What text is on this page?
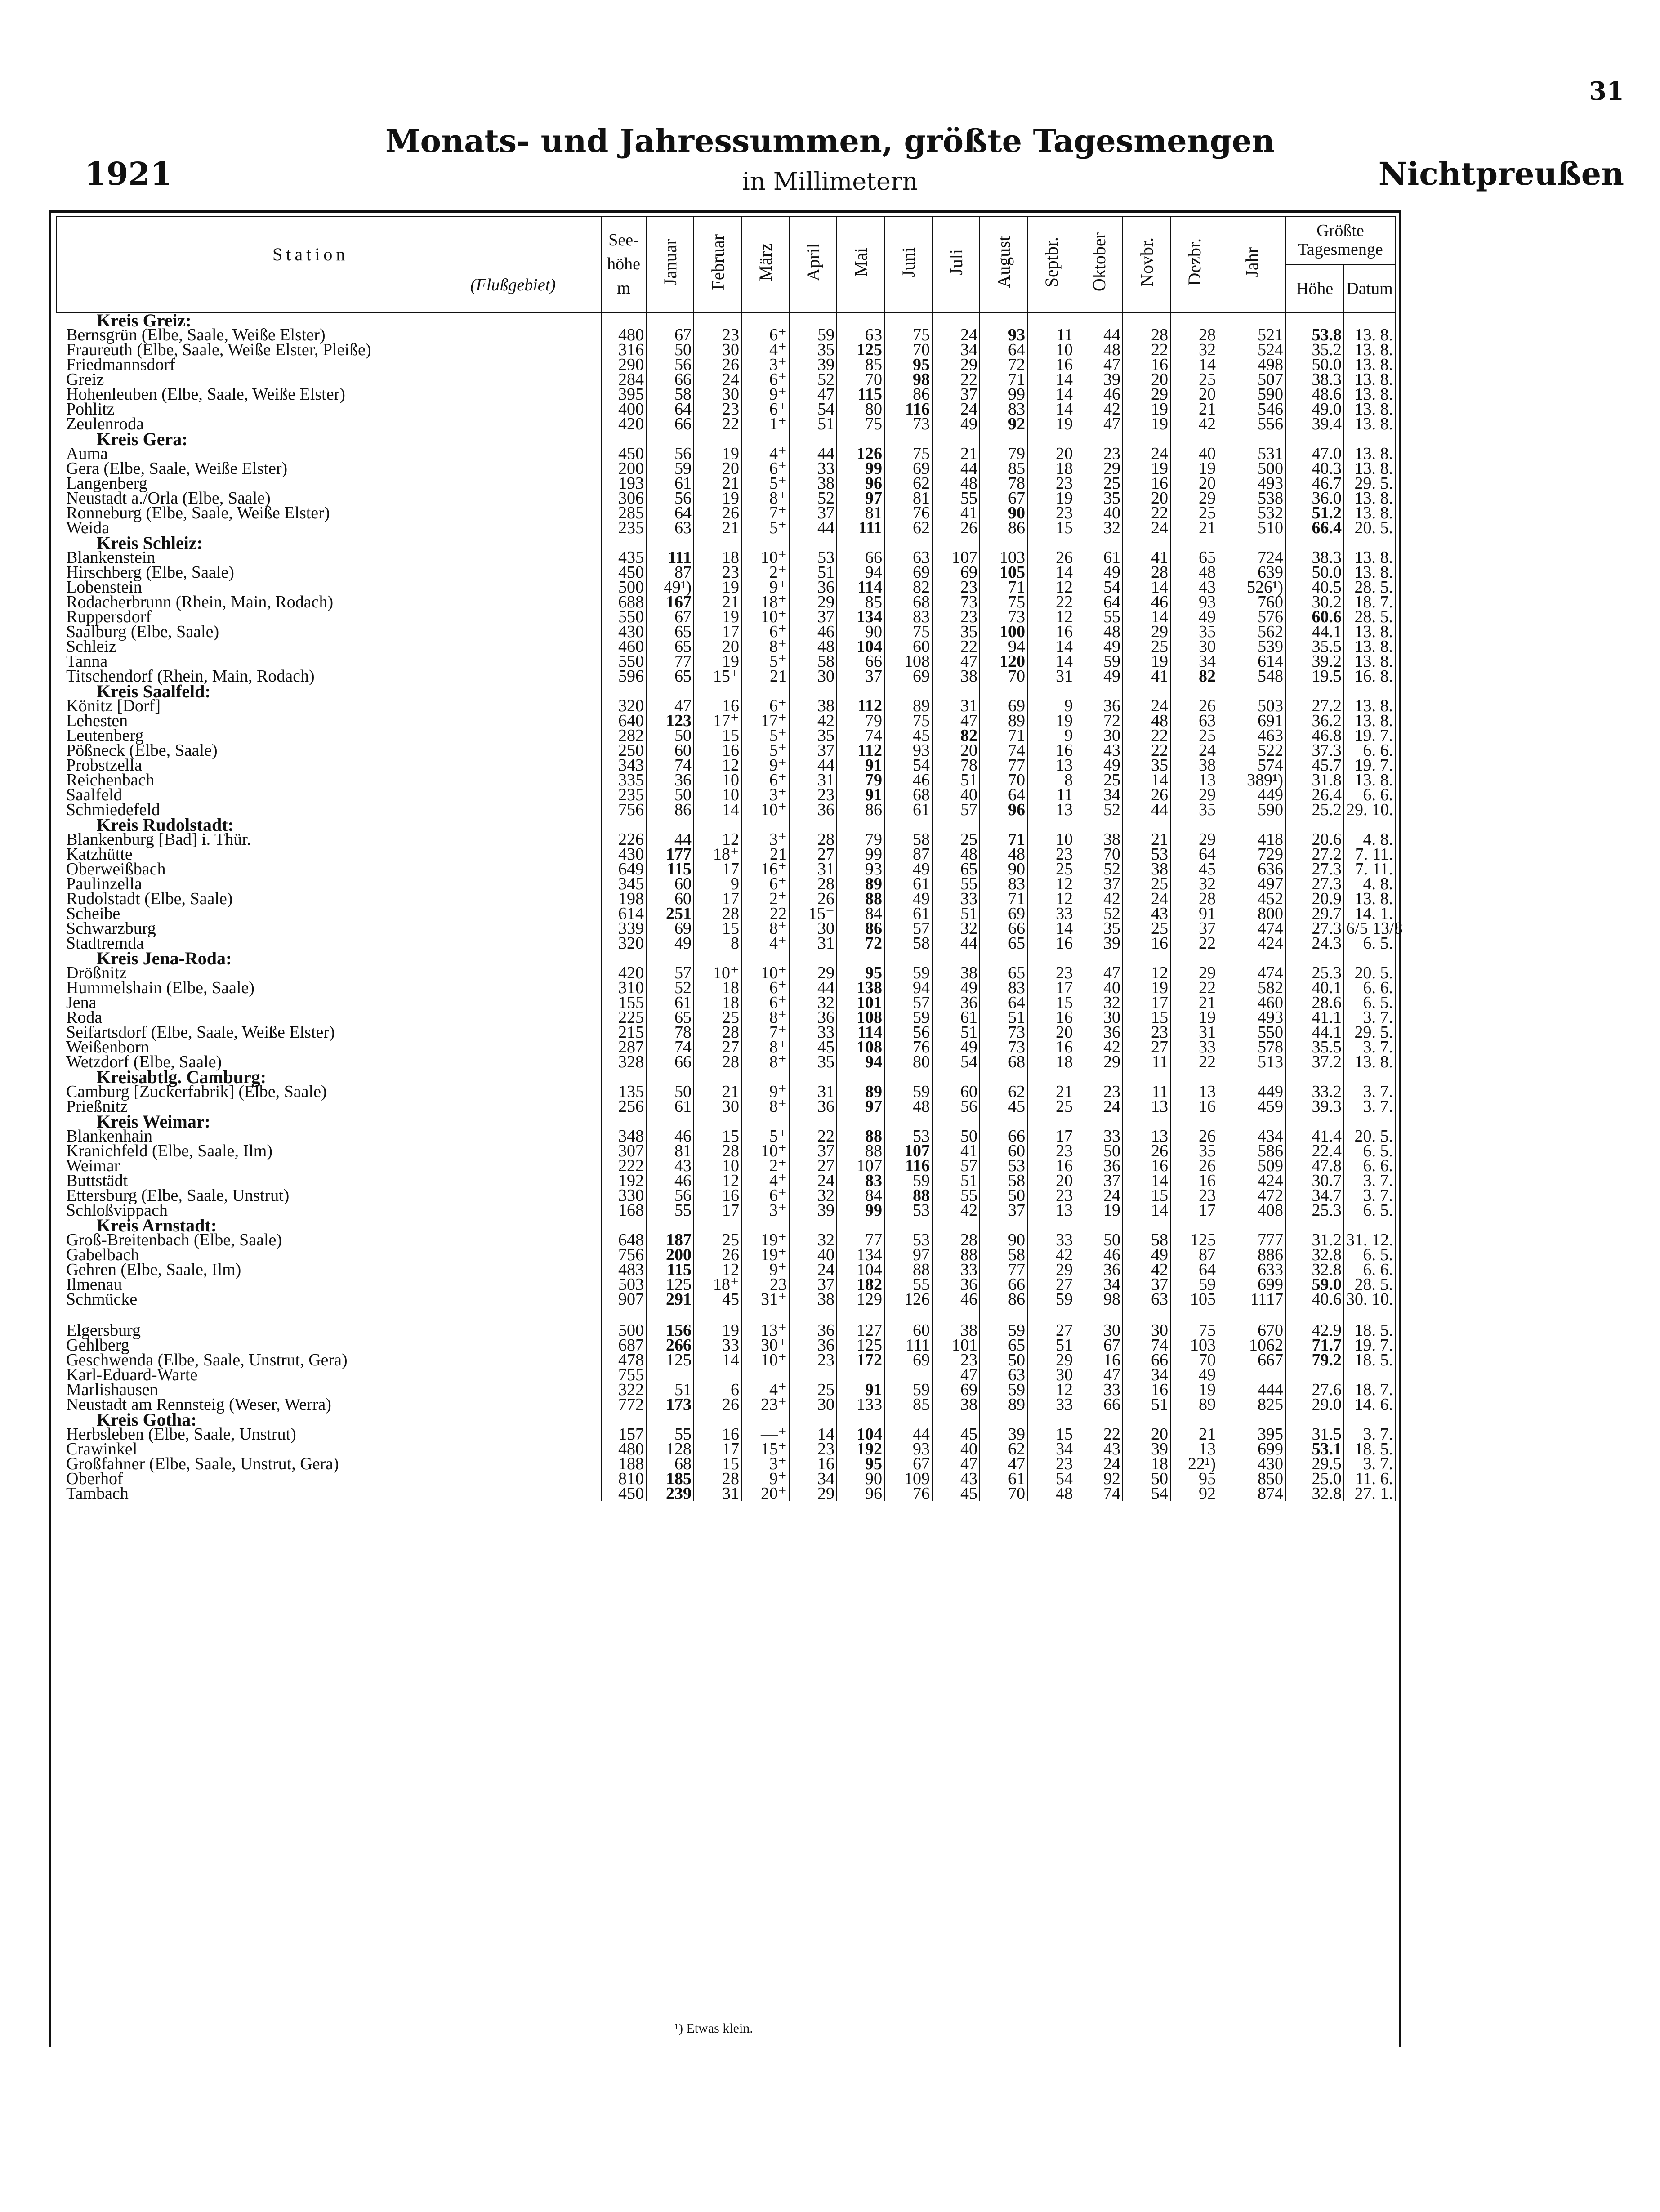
31
1921
Monats- und Jahressummen, größte Tagesmengen
in Millimetern	Nichtpreußen
Station
(Flußgebiet)	See-
höhe
m	Januar	Februar	März	April	Mai	Juni	Juli	August	Septbr.	Oktober	Novbr.	Dezbr.	Jahr	Größte
Tagesmenge	
															Höhe	Datum
Kreis Greiz:																
Bernsgrün (Elbe, Saale, Weiße Elster)	480	67	23	6⁺	59	63	75	24	93	11	44	28	28	521	53.8	13. 8.
Fraureuth (Elbe, Saale, Weiße Elster, Pleiße)	316	50	30	4⁺	35	125	70	34	64	10	48	22	32	524	35.2	13. 8.
Friedmannsdorf	290	56	26	3⁺	39	85	95	29	72	16	47	16	14	498	50.0	13. 8.
Greiz	284	66	24	6⁺	52	70	98	22	71	14	39	20	25	507	38.3	13. 8.
Hohenleuben (Elbe, Saale, Weiße Elster)	395	58	30	9⁺	47	115	86	37	99	14	46	29	20	590	48.6	13. 8.
Pohlitz	400	64	23	6⁺	54	80	116	24	83	14	42	19	21	546	49.0	13. 8.
Zeulenroda	420	66	22	1⁺	51	75	73	49	92	19	47	19	42	556	39.4	13. 8.
Kreis Gera:																
Auma	450	56	19	4⁺	44	126	75	21	79	20	23	24	40	531	47.0	13. 8.
Gera (Elbe, Saale, Weiße Elster)	200	59	20	6⁺	33	99	69	44	85	18	29	19	19	500	40.3	13. 8.
Langenberg	193	61	21	5⁺	38	96	62	48	78	23	25	16	20	493	46.7	29. 5.
Neustadt a./Orla (Elbe, Saale)	306	56	19	8⁺	52	97	81	55	67	19	35	20	29	538	36.0	13. 8.
Ronneburg (Elbe, Saale, Weiße Elster)	285	64	26	7⁺	37	81	76	41	90	23	40	22	25	532	51.2	13. 8.
Weida	235	63	21	5⁺	44	111	62	26	86	15	32	24	21	510	66.4	20. 5.
Kreis Schleiz:																
Blankenstein	435	111	18	10⁺	53	66	63	107	103	26	61	41	65	724	38.3	13. 8.
Hirschberg (Elbe, Saale)	450	87	23	2⁺	51	94	69	69	105	14	49	28	48	639	50.0	13. 8.
Lobenstein	500	49¹)	19	9⁺	36	114	82	23	71	12	54	14	43	526¹)	40.5	28. 5.
Rodacherbrunn (Rhein, Main, Rodach)	688	167	21	18⁺	29	85	68	73	75	22	64	46	93	760	30.2	18. 7.
Ruppersdorf	550	67	19	10⁺	37	134	83	23	73	12	55	14	49	576	60.6	28. 5.
Saalburg (Elbe, Saale)	430	65	17	6⁺	46	90	75	35	100	16	48	29	35	562	44.1	13. 8.
Schleiz	460	65	20	8⁺	48	104	60	22	94	14	49	25	30	539	35.5	13. 8.
Tanna	550	77	19	5⁺	58	66	108	47	120	14	59	19	34	614	39.2	13. 8.
Titschendorf (Rhein, Main, Rodach)	596	65	15⁺	21	30	37	69	38	70	31	49	41	82	548	19.5	16. 8.
Kreis Saalfeld:																
Könitz [Dorf]	320	47	16	6⁺	38	112	89	31	69	9	36	24	26	503	27.2	13. 8.
Lehesten	640	123	17⁺	17⁺	42	79	75	47	89	19	72	48	63	691	36.2	13. 8.
Leutenberg	282	50	15	5⁺	35	74	45	82	71	9	30	22	25	463	46.8	19. 7.
Pößneck (Elbe, Saale)	250	60	16	5⁺	37	112	93	20	74	16	43	22	24	522	37.3	6. 6.
Probstzella	343	74	12	9⁺	44	91	54	78	77	13	49	35	38	574	45.7	19. 7.
Reichenbach	335	36	10	6⁺	31	79	46	51	70	8	25	14	13	389¹)	31.8	13. 8.
Saalfeld	235	50	10	3⁺	23	91	68	40	64	11	34	26	29	449	26.4	6. 6.
Schmiedefeld	756	86	14	10⁺	36	86	61	57	96	13	52	44	35	590	25.2	29. 10.
Kreis Rudolstadt:																
Blankenburg [Bad] i. Thür.	226	44	12	3⁺	28	79	58	25	71	10	38	21	29	418	20.6	4. 8.
Katzhütte	430	177	18⁺	21	27	99	87	48	48	23	70	53	64	729	27.2	7. 11.
Oberweißbach	649	115	17	16⁺	31	93	49	65	90	25	52	38	45	636	27.3	7. 11.
Paulinzella	345	60	9	6⁺	28	89	61	55	83	12	37	25	32	497	27.3	4. 8.
Rudolstadt (Elbe, Saale)	198	60	17	2⁺	26	88	49	33	71	12	42	24	28	452	20.9	13. 8.
Scheibe	614	251	28	22	15⁺	84	61	51	69	33	52	43	91	800	29.7	14. 1.
Schwarzburg	339	69	15	8⁺	30	86	57	32	66	14	35	25	37	474	27.3	6/5 13/8
Stadtremda	320	49	8	4⁺	31	72	58	44	65	16	39	16	22	424	24.3	6. 5.
Kreis Jena-Roda:																
Drößnitz	420	57	10⁺	10⁺	29	95	59	38	65	23	47	12	29	474	25.3	20. 5.
Hummelshain (Elbe, Saale)	310	52	18	6⁺	44	138	94	49	83	17	40	19	22	582	40.1	6. 6.
Jena	155	61	18	6⁺	32	101	57	36	64	15	32	17	21	460	28.6	6. 5.
Roda	225	65	25	8⁺	36	108	59	61	51	16	30	15	19	493	41.1	3. 7.
Seifartsdorf (Elbe, Saale, Weiße Elster)	215	78	28	7⁺	33	114	56	51	73	20	36	23	31	550	44.1	29. 5.
Weißenborn	287	74	27	8⁺	45	108	76	49	73	16	42	27	33	578	35.5	3. 7.
Wetzdorf (Elbe, Saale)	328	66	28	8⁺	35	94	80	54	68	18	29	11	22	513	37.2	13. 8.
Kreisabtlg. Camburg:																
Camburg [Zuckerfabrik] (Elbe, Saale)	135	50	21	9⁺	31	89	59	60	62	21	23	11	13	449	33.2	3. 7.
Prießnitz	256	61	30	8⁺	36	97	48	56	45	25	24	13	16	459	39.3	3. 7.
Kreis Weimar:																
Blankenhain	348	46	15	5⁺	22	88	53	50	66	17	33	13	26	434	41.4	20. 5.
Kranichfeld (Elbe, Saale, Ilm)	307	81	28	10⁺	37	88	107	41	60	23	50	26	35	586	22.4	6. 5.
Weimar	222	43	10	2⁺	27	107	116	57	53	16	36	16	26	509	47.8	6. 6.
Buttstädt	192	46	12	4⁺	24	83	59	51	58	20	37	14	16	424	30.7	3. 7.
Ettersburg (Elbe, Saale, Unstrut)	330	56	16	6⁺	32	84	88	55	50	23	24	15	23	472	34.7	3. 7.
Schloßvippach	168	55	17	3⁺	39	99	53	42	37	13	19	14	17	408	25.3	6. 5.
Kreis Arnstadt:																
Groß-Breitenbach (Elbe, Saale)	648	187	25	19⁺	32	77	53	28	90	33	50	58	125	777	31.2	31. 12.
Gabelbach	756	200	26	19⁺	40	134	97	88	58	42	46	49	87	886	32.8	6. 5.
Gehren (Elbe, Saale, Ilm)	483	115	12	9⁺	24	104	88	33	77	29	36	42	64	633	32.8	6. 6.
Ilmenau	503	125	18⁺	23	37	182	55	36	66	27	34	37	59	699	59.0	28. 5.
Schmücke	907	291	45	31⁺	38	129	126	46	86	59	98	63	105	1117	40.6	30. 10.

Elgersburg	500	156	19	13⁺	36	127	60	38	59	27	30	30	75	670	42.9	18. 5.
Gehlberg	687	266	33	30⁺	36	125	111	101	65	51	67	74	103	1062	71.7	19. 7.
Geschwenda (Elbe, Saale, Unstrut, Gera)	478	125	14	10⁺	23	172	69	23	50	29	16	66	70	667	79.2	18. 5.
Karl-Eduard-Warte	755							47	63	30	47	34	49			
Marlishausen	322	51	6	4⁺	25	91	59	69	59	12	33	16	19	444	27.6	18. 7.
Neustadt am Rennsteig (Weser, Werra)	772	173	26	23⁺	30	133	85	38	89	33	66	51	89	825	29.0	14. 6.
Kreis Gotha:																
Herbsleben (Elbe, Saale, Unstrut)	157	55	16	—⁺	14	104	44	45	39	15	22	20	21	395	31.5	3. 7.
Crawinkel	480	128	17	15⁺	23	192	93	40	62	34	43	39	13	699	53.1	18. 5.
Großfahner (Elbe, Saale, Unstrut, Gera)	188	68	15	3⁺	16	95	67	47	47	23	24	18	22¹)	430	29.5	3. 7.
Oberhof	810	185	28	9⁺	34	90	109	43	61	54	92	50	95	850	25.0	11. 6.
Tambach	450	239	31	20⁺	29	96	76	45	70	48	74	54	92	874	32.8	27. 1.
¹) Etwas klein.
